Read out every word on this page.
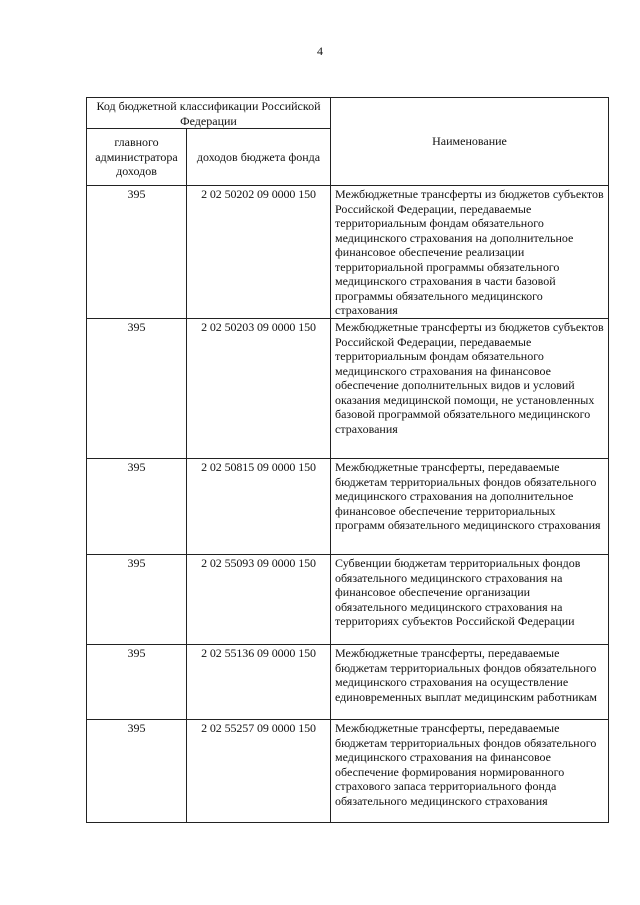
4
Код бюджетной классификации Российской Федерации		Наименование
главного администратора доходов	доходов бюджета фонда	
395	2 02 50202 09 0000 150	Межбюджетные трансферты из бюджетов субъектов Российской Федерации, передаваемые территориальным фондам обязательного медицинского страхования на дополнительное финансовое обеспечение реализации территориальной программы обязательного медицинского страхования в части базовой программы обязательного медицинского страхования
395	2 02 50203 09 0000 150	Межбюджетные трансферты из бюджетов субъектов Российской Федерации, передаваемые территориальным фондам обязательного медицинского страхования на финансовое обеспечение дополнительных видов и условий оказания медицинской помощи, не установленных базовой программой обязательного медицинского страхования
395	2 02 50815 09 0000 150	Межбюджетные трансферты, передаваемые бюджетам территориальных фондов обязательного медицинского страхования на дополнительное финансовое обеспечение территориальных программ обязательного медицинского страхования
395	2 02 55093 09 0000 150	Субвенции бюджетам территориальных фондов обязательного медицинского страхования на финансовое обеспечение организации обязательного медицинского страхования на территориях субъектов Российской Федерации
395	2 02 55136 09 0000 150	Межбюджетные трансферты, передаваемые бюджетам территориальных фондов обязательного медицинского страхования на осуществление единовременных выплат медицинским работникам
395	2 02 55257 09 0000 150	Межбюджетные трансферты, передаваемые бюджетам территориальных фондов обязательного медицинского страхования на финансовое обеспечение формирования нормированного страхового запаса территориального фонда обязательного медицинского страхования
